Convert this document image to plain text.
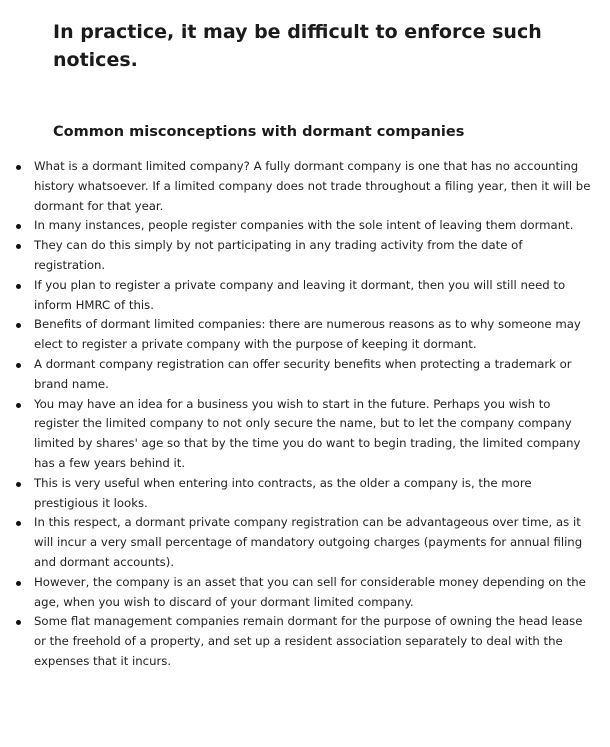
In practice, it may be difficult to enforce such notices.
Common misconceptions with dormant companies
What is a dormant limited company? A fully dormant company is one that has no accounting history whatsoever. If a limited company does not trade throughout a filing year, then it will be dormant for that year.
In many instances, people register companies with the sole intent of leaving them dormant.
They can do this simply by not participating in any trading activity from the date of registration.
If you plan to register a private company and leaving it dormant, then you will still need to inform HMRC of this.
Benefits of dormant limited companies: there are numerous reasons as to why someone may elect to register a private company with the purpose of keeping it dormant.
A dormant company registration can offer security benefits when protecting a trademark or brand name.
You may have an idea for a business you wish to start in the future. Perhaps you wish to register the limited company to not only secure the name, but to let the company company limited by shares' age so that by the time you do want to begin trading, the limited company has a few years behind it.
This is very useful when entering into contracts, as the older a company is, the more prestigious it looks.
In this respect, a dormant private company registration can be advantageous over time, as it will incur a very small percentage of mandatory outgoing charges (payments for annual filing and dormant accounts).
However, the company is an asset that you can sell for considerable money depending on the age, when you wish to discard of your dormant limited company.
Some flat management companies remain dormant for the purpose of owning the head lease or the freehold of a property, and set up a resident association separately to deal with the expenses that it incurs.
